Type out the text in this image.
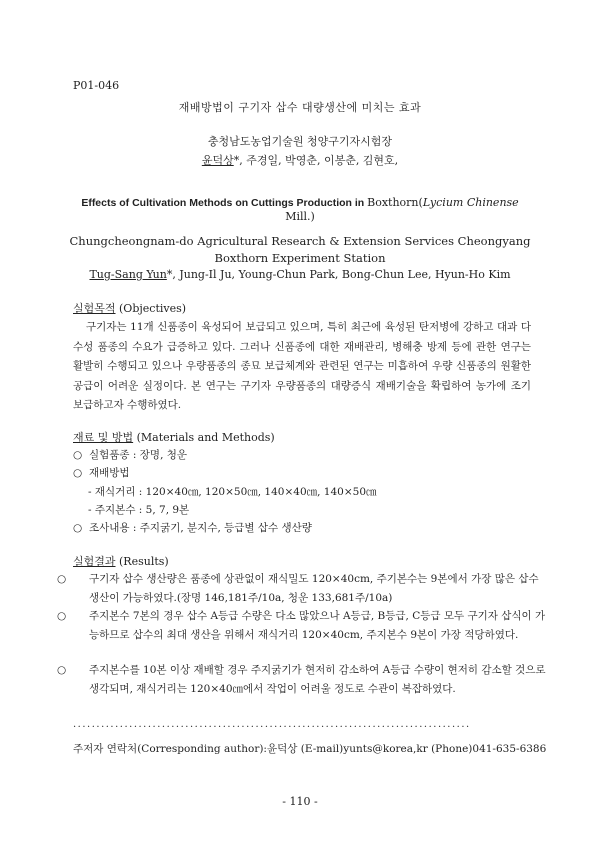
P01-046
재배방법이 구기자 삽수 대량생산에 미치는 효과
충청남도농업기술원 청양구기자시험장
윤덕상*, 주경일, 박영춘, 이봉춘, 김현호,
Effects of Cultivation Methods on Cuttings Production in Boxthorn(Lycium Chinense Mill.)
Chungcheongnam-do Agricultural Research & Extension Services Cheongyang Boxthorn Experiment Station
Tug-Sang Yun*, Jung-Il Ju, Young-Chun Park, Bong-Chun Lee, Hyun-Ho Kim
실험목적 (Objectives)
구기자는 11개 신품종이 육성되어 보급되고 있으며, 특히 최근에 육성된 탄저병에 강하고 대과 다수성 품종의 수요가 급증하고 있다. 그러나 신품종에 대한 재배관리, 병해충 방제 등에 관한 연구는 활발히 수행되고 있으나 우량품종의 종묘 보급체계와 관련된 연구는 미흡하여 우량 신품종의 원활한 공급이 어려운 실정이다. 본 연구는 구기자 우량품종의 대량증식 재배기술을 확립하여 농가에 조기 보급하고자 수행하였다.
재료 및 방법 (Materials and Methods)
○ 실험품종 : 장명, 청운
○ 재배방법
- 재식거리 : 120×40㎝, 120×50㎝, 140×40㎝, 140×50㎝
- 주지본수 : 5, 7, 9본
○ 조사내용 : 주지굵기, 분지수, 등급별 삽수 생산량
실험결과 (Results)
○ 구기자 삽수 생산량은 품종에 상관없이 재식밀도 120×40cm, 주기본수는 9본에서 가장 많은 삽수 생산이 가능하였다.(장명 146,181주/10a, 청운 133,681주/10a)
○ 주지본수 7본의 경우 삽수 A등급 수량은 다소 많았으나 A등급, B등급, C등급 모두 구기자 삽식이 가능하므로 삽수의 최대 생산을 위해서 재식거리 120×40cm, 주지본수 9본이 가장 적당하였다.
○ 주지본수를 10본 이상 재배할 경우 주지굵기가 현저히 감소하여 A등급 수량이 현저히 감소할 것으로 생각되며, 재식거리는 120×40㎝에서 작업이 어려울 정도로 수관이 복잡하였다.
·····················································································
주저자 연락처(Corresponding author):윤덕상 (E-mail)yunts@korea,kr (Phone)041-635-6386
- 110 -
